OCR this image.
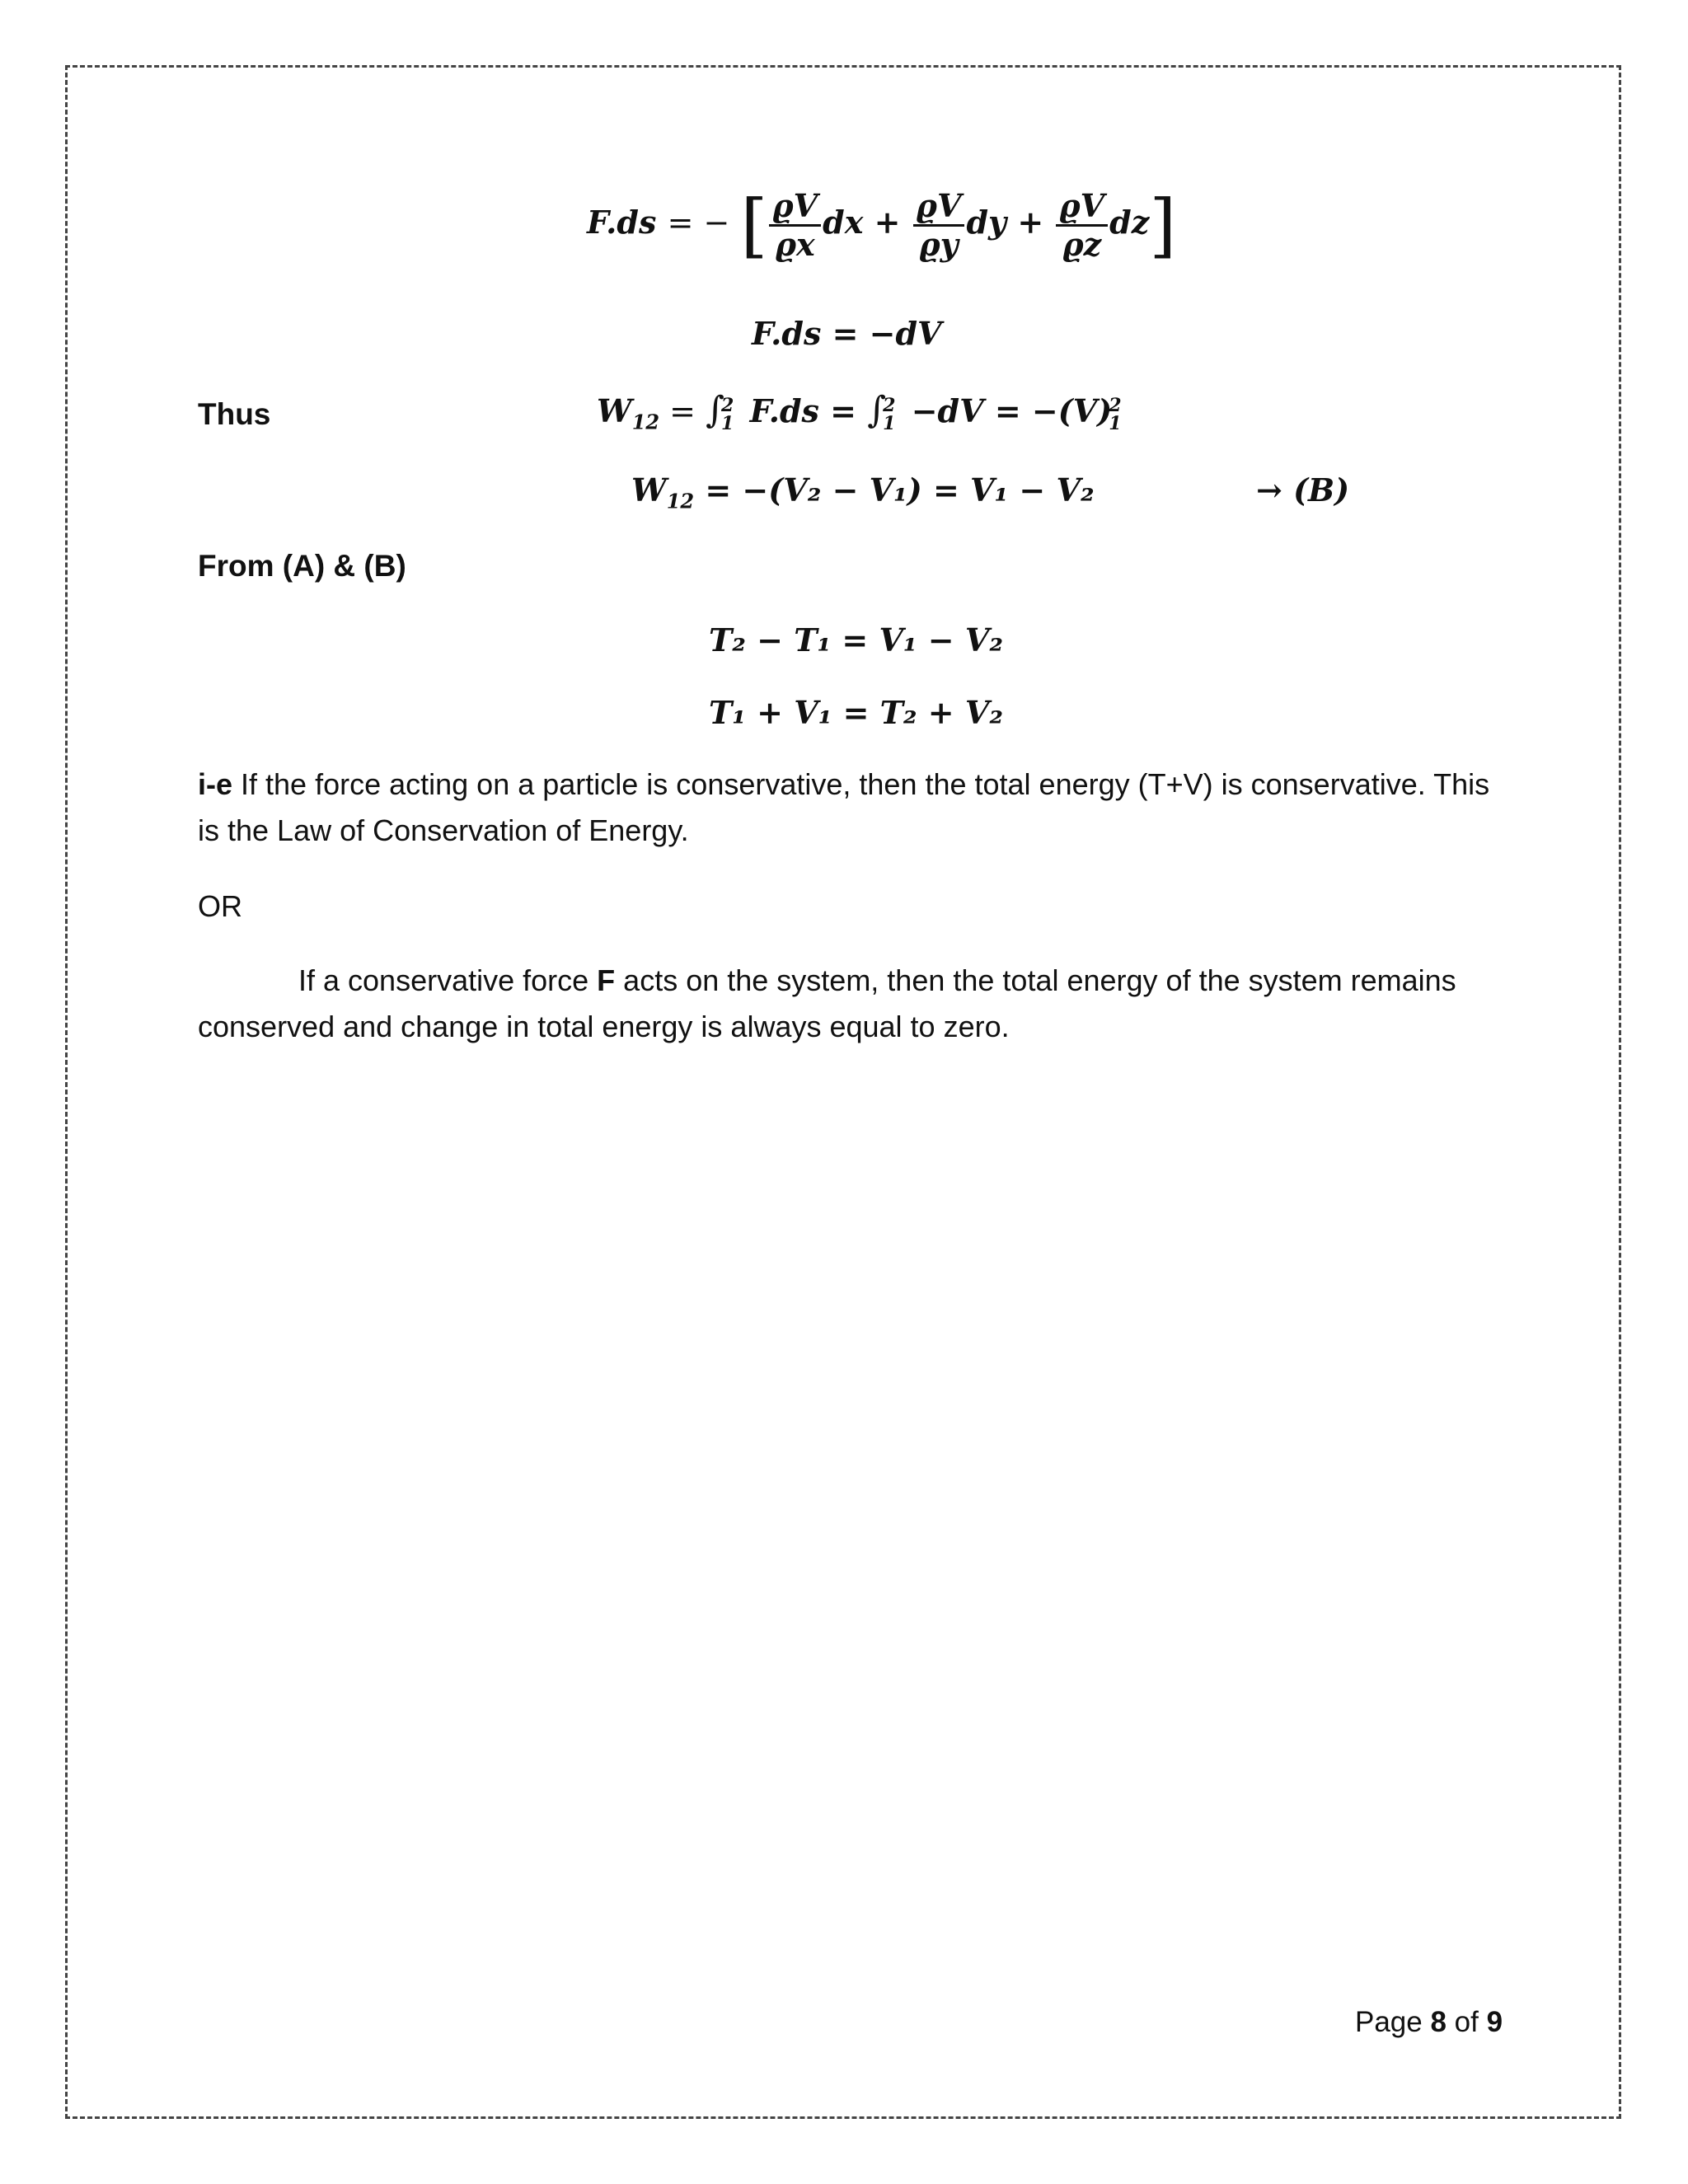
F.ds = − [ $\frac{ϱV}{ϱx}$ dx + $\frac{ϱV}{ϱy}$ dy + $\frac{ϱV}{ϱz} dz$]
F.ds = −dV
Thus	$W_{12}$ = ∫
2
1 F.ds = ∫
2
1 −dV = −(V)
2
1
$W_{12} = -(V_2 - V_1) = V_1 - V_2$	→ (B)
From (A) & (B)
T₂ − T₁ = V₁ − V₂
T₁ + V₁ = T₂ + V₂
i-e If the force acting on a particle is conservative, then the total energy (T+V) is conservative. This is the Law of Conservation of Energy.
OR
If a conservative force F acts on the system, then the total energy of the system remains conserved and change in total energy is always equal to zero.
Page 8 of 9
